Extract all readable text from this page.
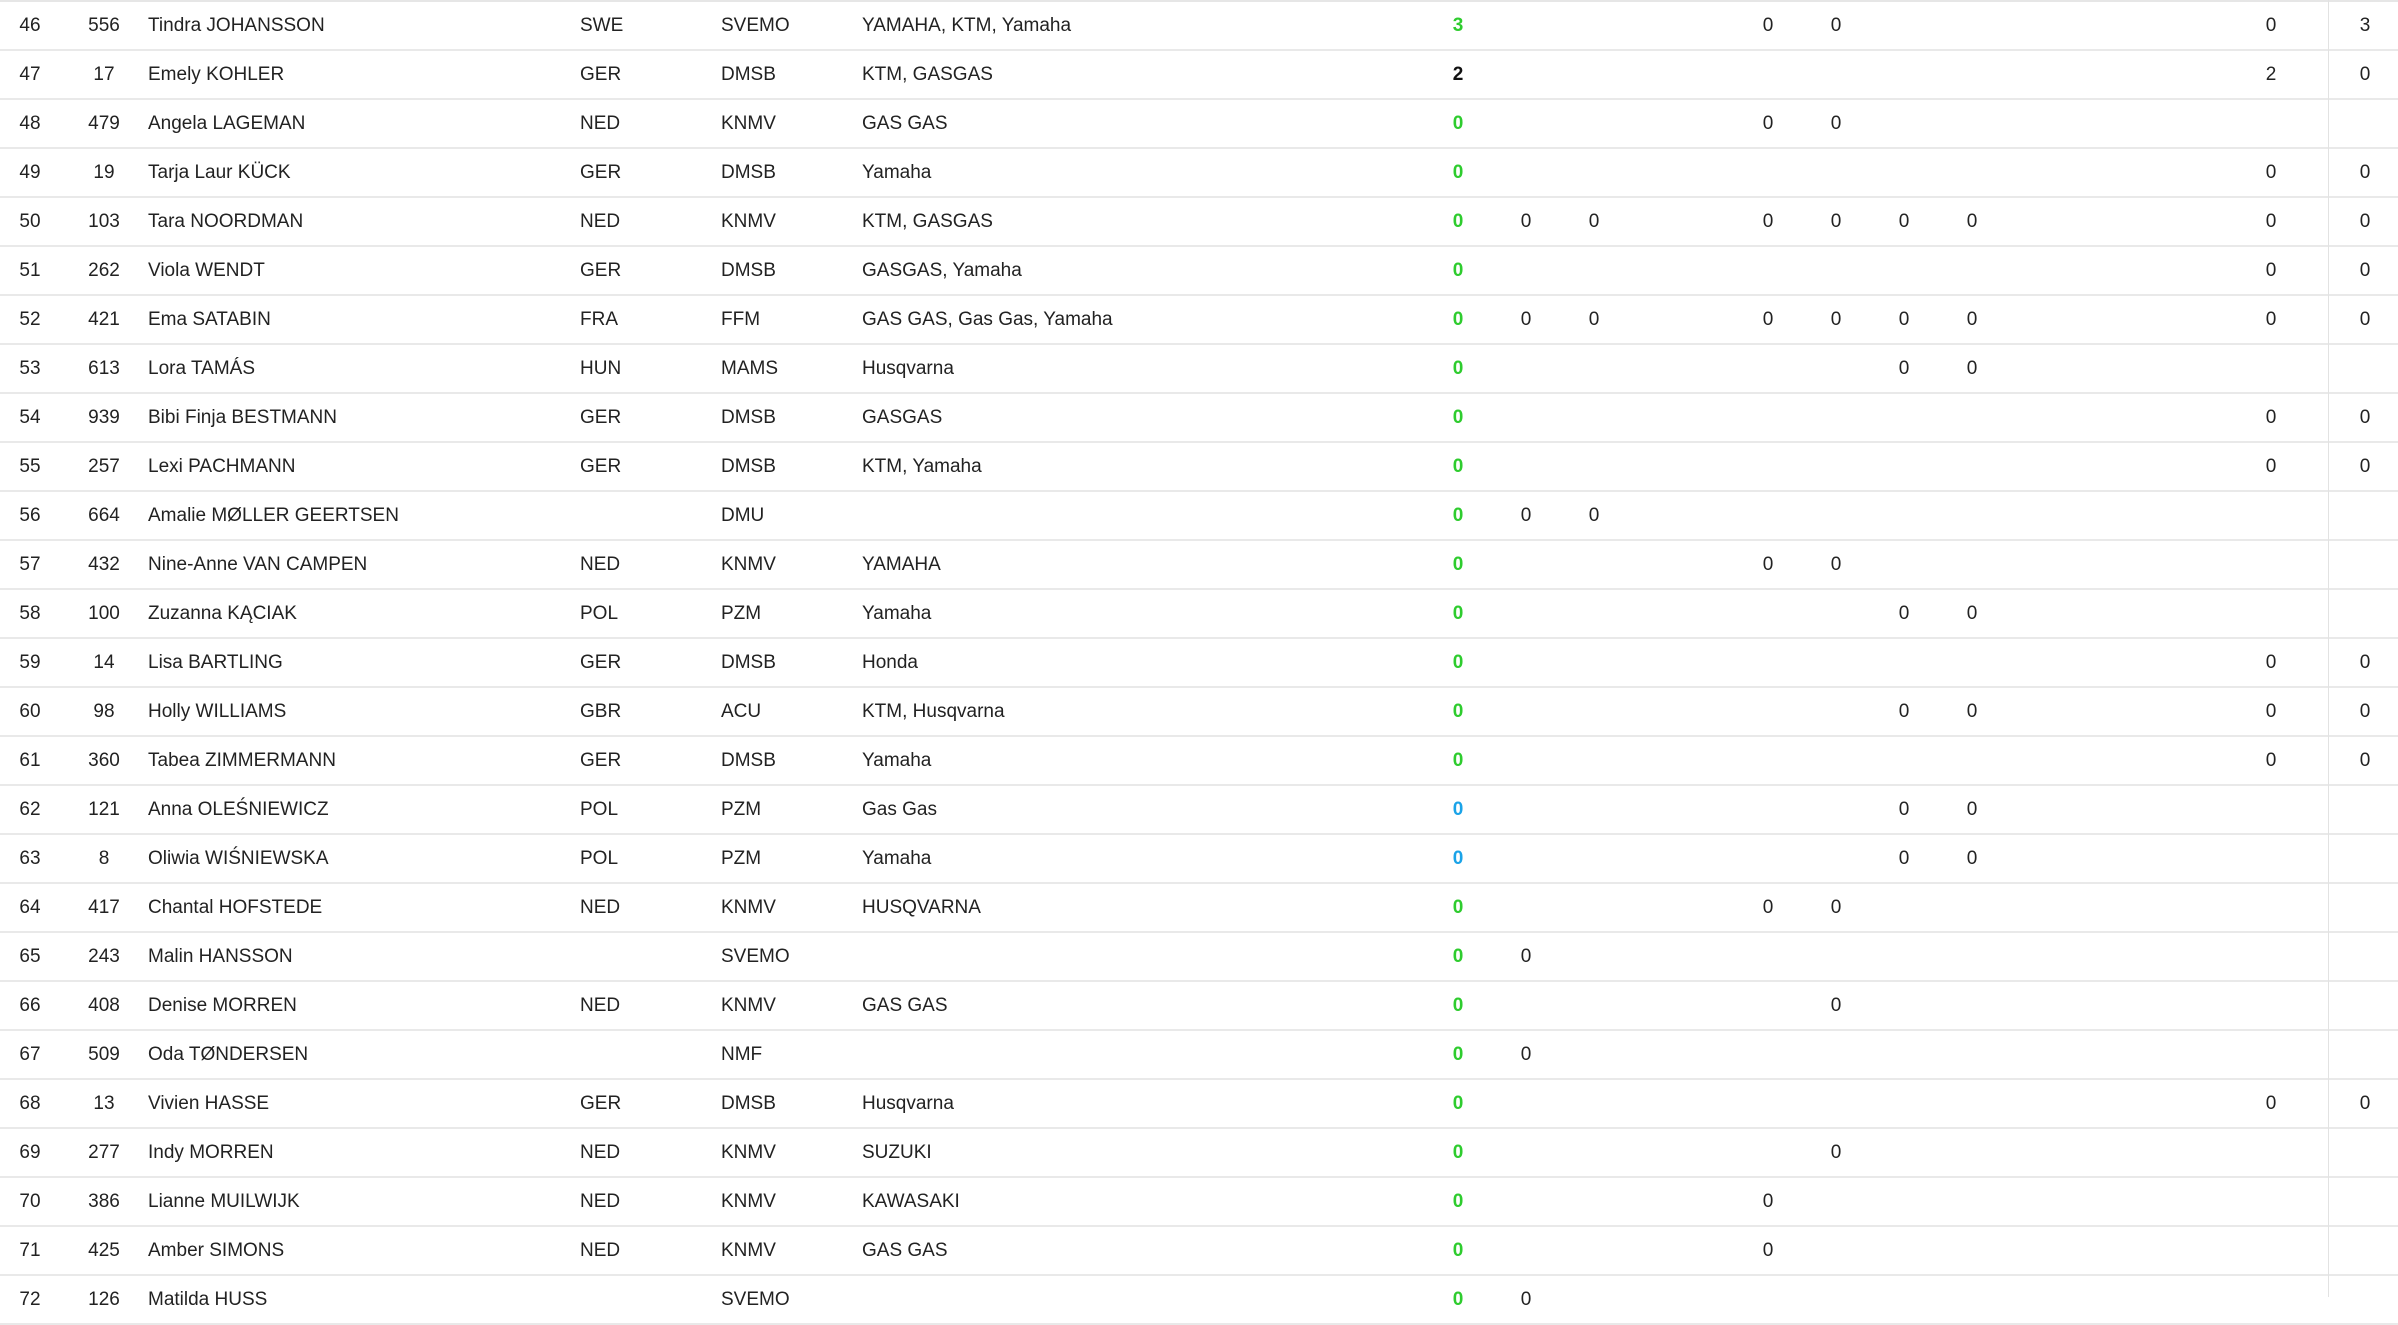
46	556	Tindra JOHANSSON	SWE	SVEMO	YAMAHA, KTM, Yamaha	3				0	0						0	3
47	17	Emely KOHLER	GER	DMSB	KTM, GASGAS	2											2	0
48	479	Angela LAGEMAN	NED	KNMV	GAS GAS	0				0	0							
49	19	Tarja Laur KÜCK	GER	DMSB	Yamaha	0											0	0
50	103	Tara NOORDMAN	NED	KNMV	KTM, GASGAS	0	0	0		0	0	0	0				0	0
51	262	Viola WENDT	GER	DMSB	GASGAS, Yamaha	0											0	0
52	421	Ema SATABIN	FRA	FFM	GAS GAS, Gas Gas, Yamaha	0	0	0		0	0	0	0				0	0
53	613	Lora TAMÁS	HUN	MAMS	Husqvarna	0						0	0					
54	939	Bibi Finja BESTMANN	GER	DMSB	GASGAS	0											0	0
55	257	Lexi PACHMANN	GER	DMSB	KTM, Yamaha	0											0	0
56	664	Amalie MØLLER GEERTSEN		DMU		0	0	0										
57	432	Nine-Anne VAN CAMPEN	NED	KNMV	YAMAHA	0				0	0							
58	100	Zuzanna KĄCIAK	POL	PZM	Yamaha	0						0	0					
59	14	Lisa BARTLING	GER	DMSB	Honda	0											0	0
60	98	Holly WILLIAMS	GBR	ACU	KTM, Husqvarna	0						0	0				0	0
61	360	Tabea ZIMMERMANN	GER	DMSB	Yamaha	0											0	0
62	121	Anna OLEŚNIEWICZ	POL	PZM	Gas Gas	0						0	0					
63	8	Oliwia WIŚNIEWSKA	POL	PZM	Yamaha	0						0	0					
64	417	Chantal HOFSTEDE	NED	KNMV	HUSQVARNA	0				0	0							
65	243	Malin HANSSON		SVEMO		0	0											
66	408	Denise MORREN	NED	KNMV	GAS GAS	0					0							
67	509	Oda TØNDERSEN		NMF		0	0											
68	13	Vivien HASSE	GER	DMSB	Husqvarna	0											0	0
69	277	Indy MORREN	NED	KNMV	SUZUKI	0					0							
70	386	Lianne MUILWIJK	NED	KNMV	KAWASAKI	0				0								
71	425	Amber SIMONS	NED	KNMV	GAS GAS	0				0								
72	126	Matilda HUSS		SVEMO		0	0											
